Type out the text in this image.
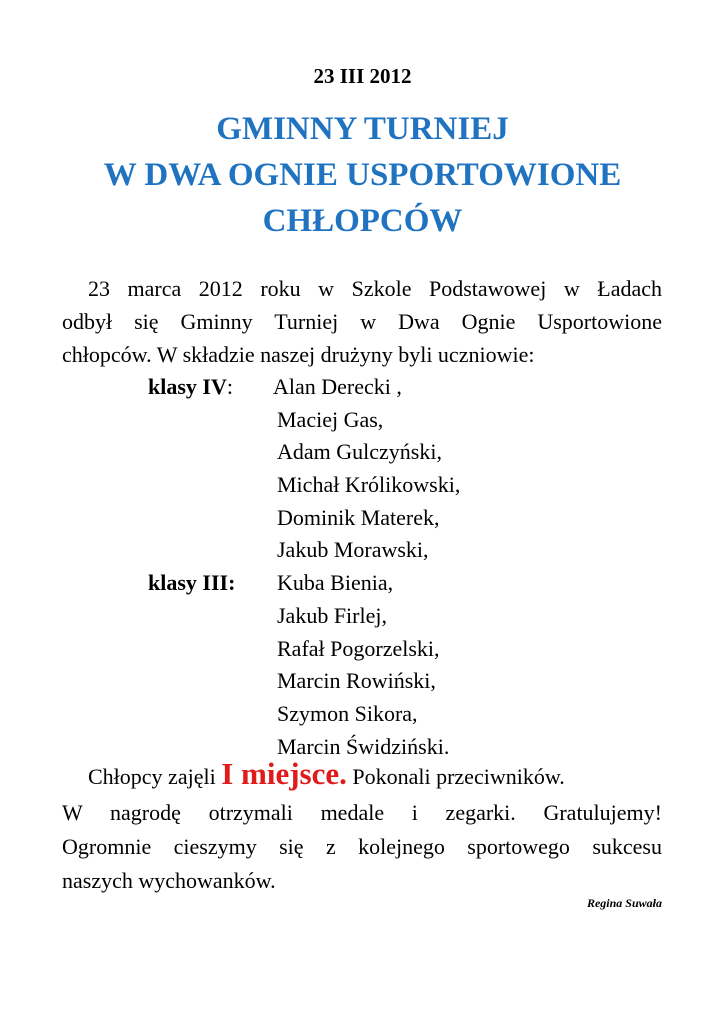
23 III 2012
GMINNY TURNIEJ
W DWA OGNIE USPORTOWIONE
CHŁOPCÓW
23 marca 2012 roku w Szkole Podstawowej w Ładach
odbył się Gminny Turniej w Dwa Ognie Usportowione
chłopców. W składzie naszej drużyny byli uczniowie:
klasy IV: Alan Derecki ,
Maciej Gas,
Adam Gulczyński,
Michał Królikowski,
Dominik Materek,
Jakub Morawski,
klasy III: Kuba Bienia,
Jakub Firlej,
Rafał Pogorzelski,
Marcin Rowiński,
Szymon Sikora,
Marcin Świdziński.
Chłopcy zajęli I miejsce. Pokonali przeciwników.
W nagrodę otrzymali medale i zegarki. Gratulujemy!
Ogromnie cieszymy się z kolejnego sportowego sukcesu
naszych wychowanków.
Regina Suwała
